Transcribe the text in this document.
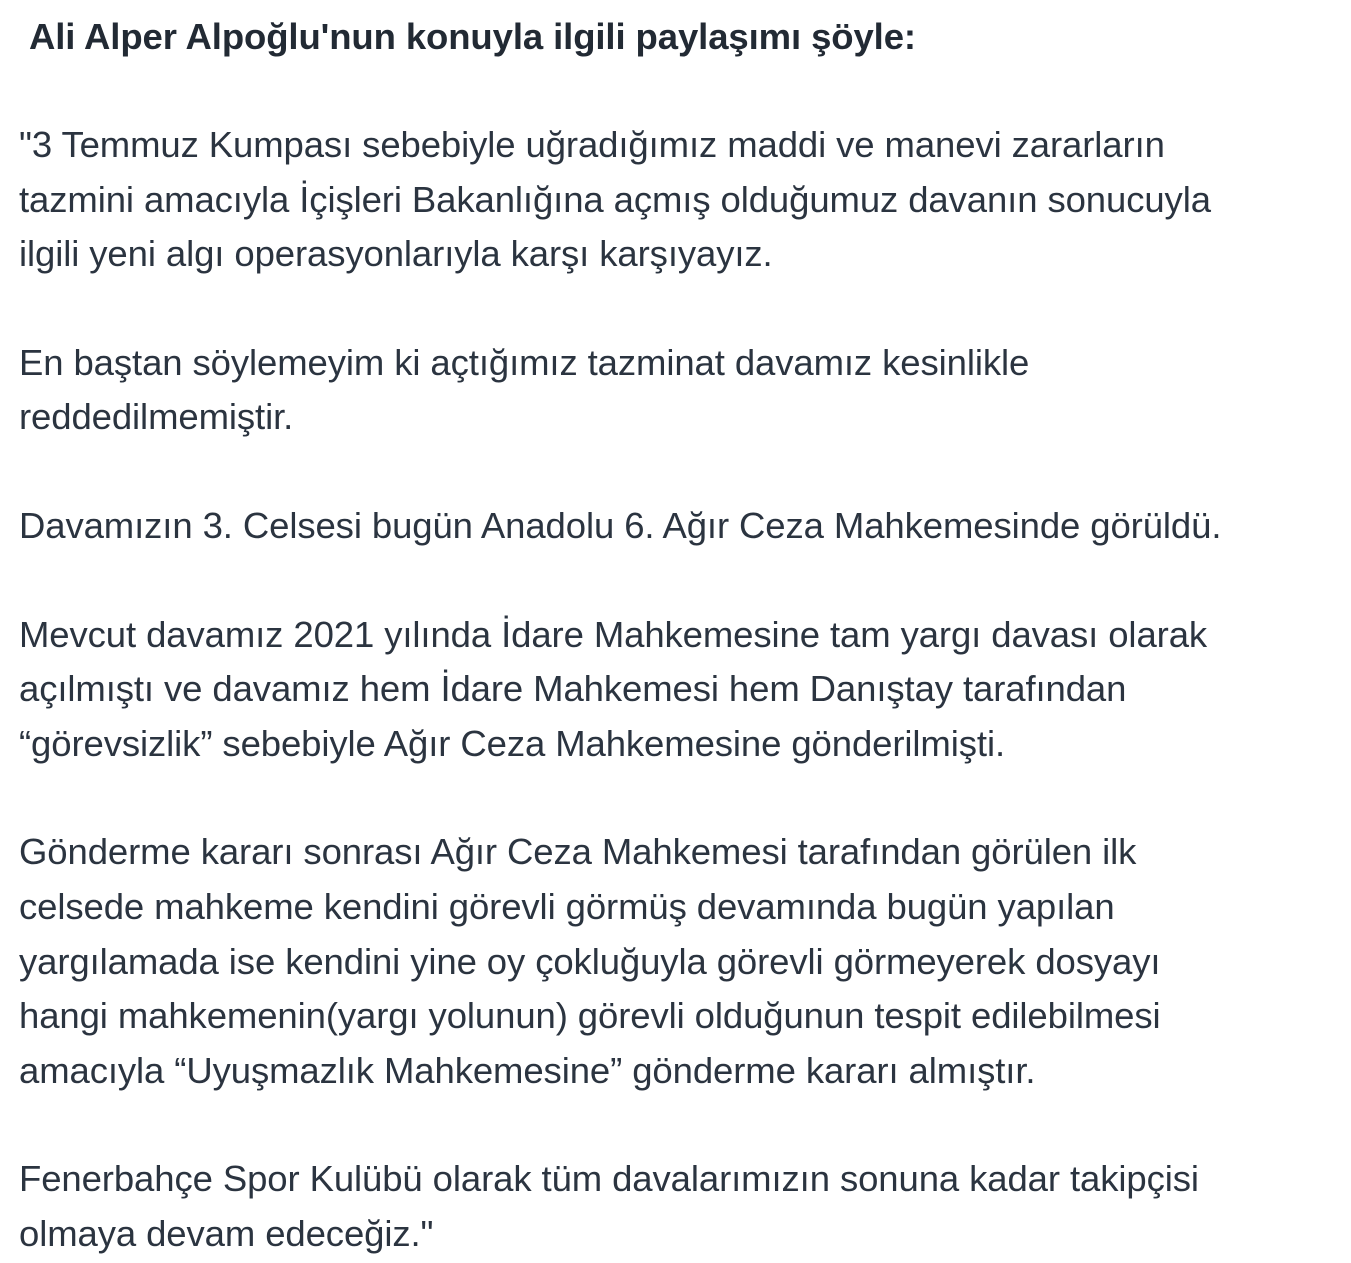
Ali Alper Alpoğlu'nun konuyla ilgili paylaşımı şöyle:

"3 Temmuz Kumpası sebebiyle uğradığımız maddi ve manevi zararların
tazmini amacıyla İçişleri Bakanlığına açmış olduğumuz davanın sonucuyla
ilgili yeni algı operasyonlarıyla karşı karşıyayız.

En baştan söylemeyim ki açtığımız tazminat davamız kesinlikle
reddedilmemiştir.

Davamızın 3. Celsesi bugün Anadolu 6. Ağır Ceza Mahkemesinde görüldü.

Mevcut davamız 2021 yılında İdare Mahkemesine tam yargı davası olarak
açılmıştı ve davamız hem İdare Mahkemesi hem Danıştay tarafından
“görevsizlik” sebebiyle Ağır Ceza Mahkemesine gönderilmişti.

Gönderme kararı sonrası Ağır Ceza Mahkemesi tarafından görülen ilk
celsede mahkeme kendini görevli görmüş devamında bugün yapılan
yargılamada ise kendini yine oy çokluğuyla görevli görmeyerek dosyayı
hangi mahkemenin(yargı yolunun) görevli olduğunun tespit edilebilmesi
amacıyla “Uyuşmazlık Mahkemesine” gönderme kararı almıştır.

Fenerbahçe Spor Kulübü olarak tüm davalarımızın sonuna kadar takipçisi
olmaya devam edeceğiz."
